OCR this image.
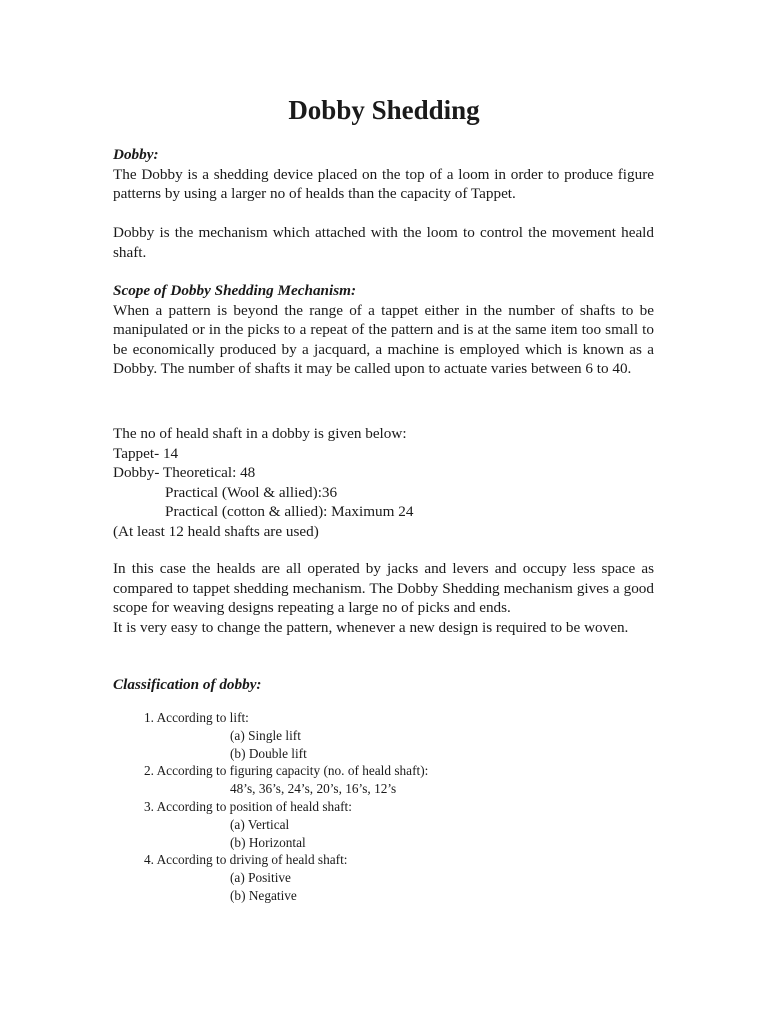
Dobby Shedding
Dobby:
The Dobby is a shedding device placed on the top of a loom in order to produce figure patterns by using a larger no of healds than the capacity of Tappet.
Dobby is the mechanism which attached with the loom to control the movement heald shaft.
Scope of Dobby Shedding Mechanism:
When a pattern is beyond the range of a tappet either in the number of shafts to be manipulated or in the picks to a repeat of the pattern and is at the same item too small to be economically produced by a jacquard, a machine is employed which is known as a Dobby. The number of shafts it may be called upon to actuate varies between 6 to 40.
The no of heald shaft in a dobby is given below:
Tappet- 14
Dobby- Theoretical: 48
Practical (Wool & allied):36
Practical (cotton & allied): Maximum 24
(At least 12 heald shafts are used)
In this case the healds are all operated by jacks and levers and occupy less space as compared to tappet shedding mechanism. The Dobby Shedding mechanism gives a good scope for weaving designs repeating a large no of picks and ends.
It is very easy to change the pattern, whenever a new design is required to be woven.
Classification of dobby:
1. According to lift:
(a) Single lift
(b) Double lift
2. According to figuring capacity (no. of heald shaft):
48’s, 36’s, 24’s, 20’s, 16’s, 12’s
3. According to position of heald shaft:
(a) Vertical
(b) Horizontal
4. According to driving of heald shaft:
(a) Positive
(b) Negative
